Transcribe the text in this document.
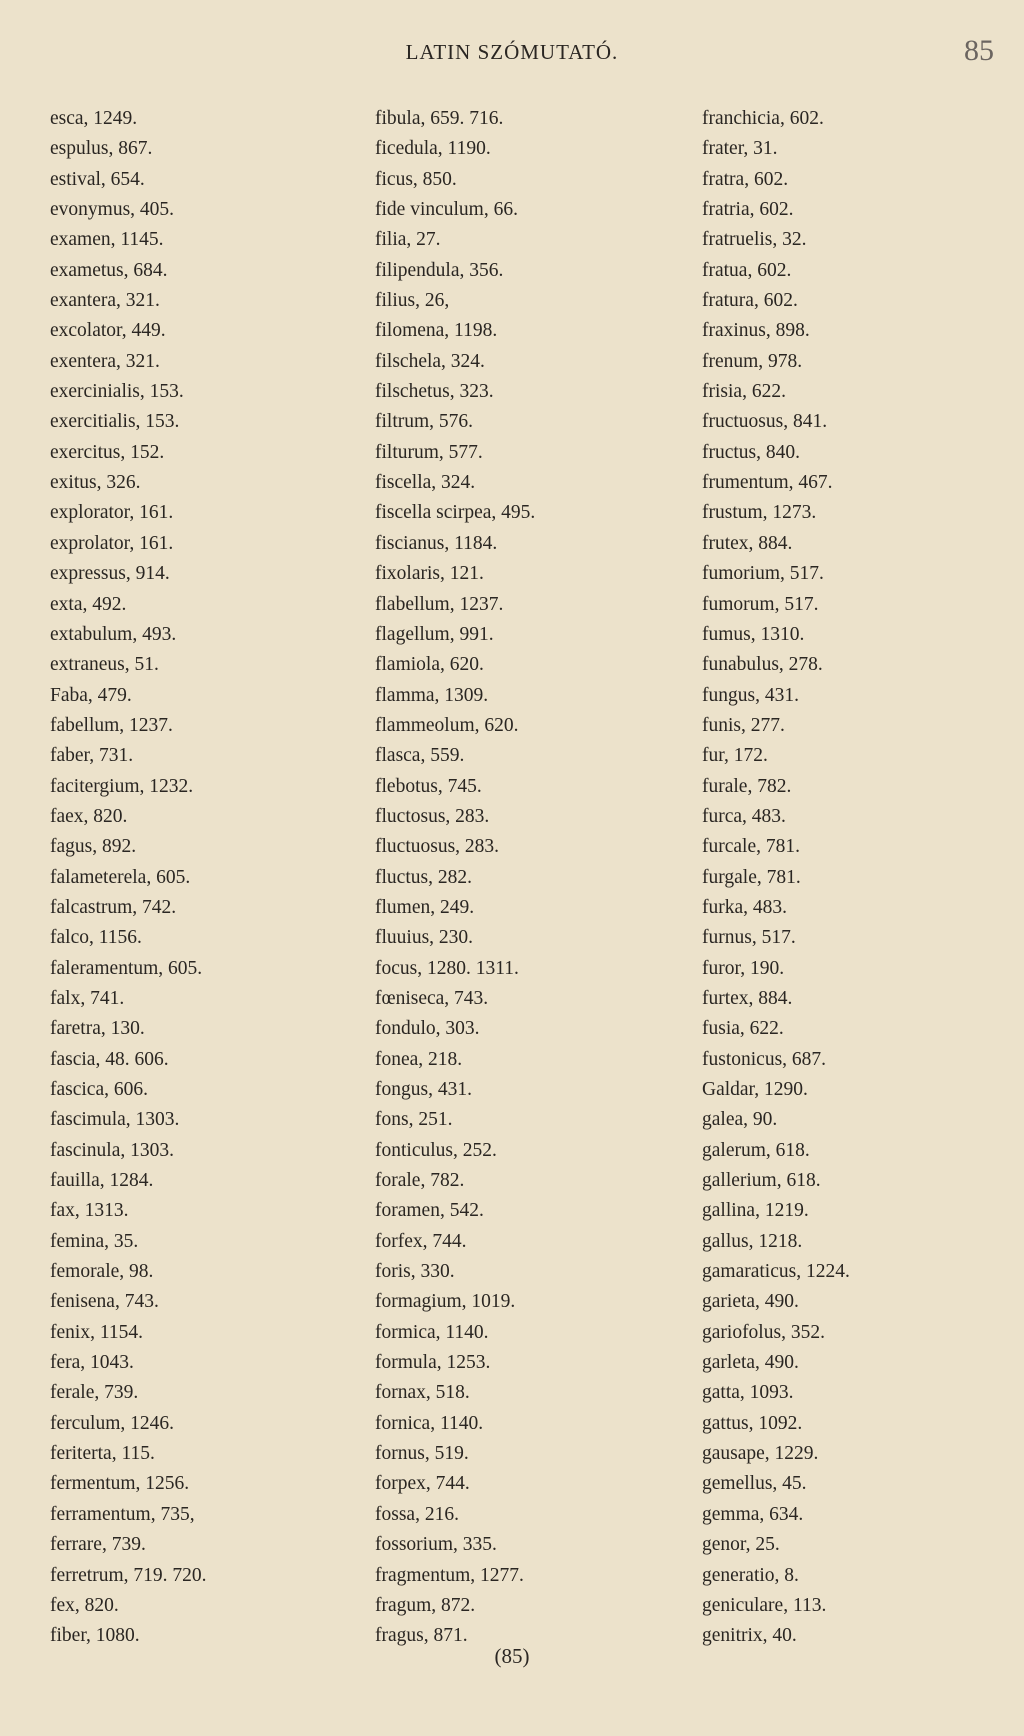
LATIN SZÓMUTATÓ.	85
esca, 1249.
espulus, 867.
estival, 654.
evonymus, 405.
examen, 1145.
exametus, 684.
exantera, 321.
excolator, 449.
exentera, 321.
exercinialis, 153.
exercitialis, 153.
exercitus, 152.
exitus, 326.
explorator, 161.
exprolator, 161.
expressus, 914.
exta, 492.
extabulum, 493.
extraneus, 51.
Faba, 479.
fabellum, 1237.
faber, 731.
facitergium, 1232.
faex, 820.
fagus, 892.
falameterela, 605.
falcastrum, 742.
falco, 1156.
faleramentum, 605.
falx, 741.
faretra, 130.
fascia, 48. 606.
fascica, 606.
fascimula, 1303.
fascinula, 1303.
fauilla, 1284.
fax, 1313.
femina, 35.
femorale, 98.
fenisena, 743.
fenix, 1154.
fera, 1043.
ferale, 739.
ferculum, 1246.
feriterta, 115.
fermentum, 1256.
ferramentum, 735,
ferrare, 739.
ferretrum, 719. 720.
fex, 820.
fiber, 1080.
fibula, 659. 716.
ficedula, 1190.
ficus, 850.
fide vinculum, 66.
filia, 27.
filipendula, 356.
filius, 26,
filomena, 1198.
filschela, 324.
filschetus, 323.
filtrum, 576.
filturum, 577.
fiscella, 324.
fiscella scirpea, 495.
fiscianus, 1184.
fixolaris, 121.
flabellum, 1237.
flagellum, 991.
flamiola, 620.
flamma, 1309.
flammeolum, 620.
flasca, 559.
flebotus, 745.
fluctosus, 283.
fluctuosus, 283.
fluctus, 282.
flumen, 249.
fluuius, 230.
focus, 1280. 1311.
fœniseca, 743.
fondulo, 303.
fonea, 218.
fongus, 431.
fons, 251.
fonticulus, 252.
forale, 782.
foramen, 542.
forfex, 744.
foris, 330.
formagium, 1019.
formica, 1140.
formula, 1253.
fornax, 518.
fornica, 1140.
fornus, 519.
forpex, 744.
fossa, 216.
fossorium, 335.
fragmentum, 1277.
fragum, 872.
fragus, 871.
franchicia, 602.
frater, 31.
fratra, 602.
fratria, 602.
fratruelis, 32.
fratua, 602.
fratura, 602.
fraxinus, 898.
frenum, 978.
frisia, 622.
fructuosus, 841.
fructus, 840.
frumentum, 467.
frustum, 1273.
frutex, 884.
fumorium, 517.
fumorum, 517.
fumus, 1310.
funabulus, 278.
fungus, 431.
funis, 277.
fur, 172.
furale, 782.
furca, 483.
furcale, 781.
furgale, 781.
furka, 483.
furnus, 517.
furor, 190.
furtex, 884.
fusia, 622.
fustonicus, 687.
Galdar, 1290.
galea, 90.
galerum, 618.
gallerium, 618.
gallina, 1219.
gallus, 1218.
gamaraticus, 1224.
garieta, 490.
gariofolus, 352.
garleta, 490.
gatta, 1093.
gattus, 1092.
gausape, 1229.
gemellus, 45.
gemma, 634.
genor, 25.
generatio, 8.
geniculare, 113.
genitrix, 40.
(85)
